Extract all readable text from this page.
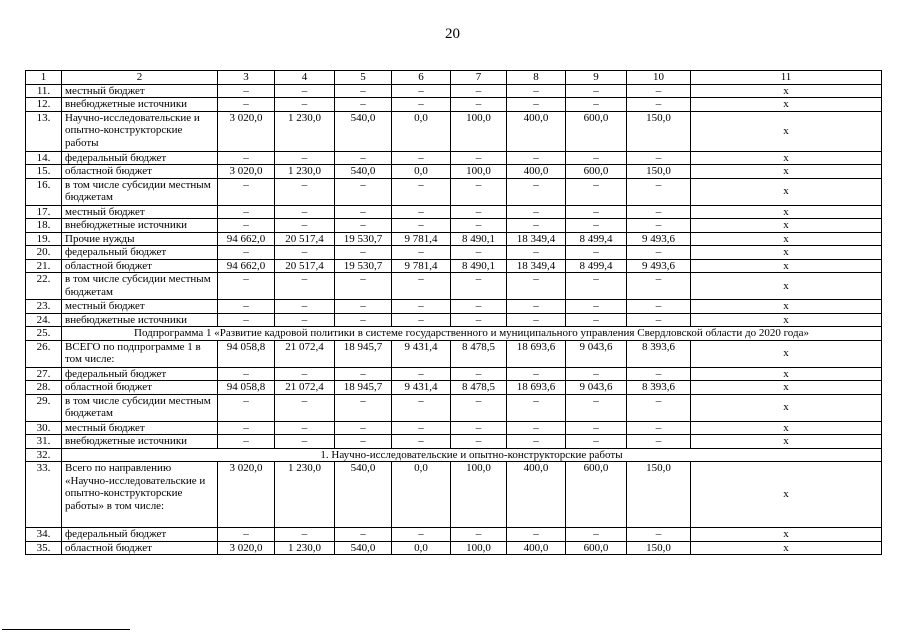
20
1	2	3	4	5	6	7	8	9	10	11
11.	местный бюджет	–	–	–	–	–	–	–	–	х
12.	внебюджетные источники	–	–	–	–	–	–	–	–	х
13.	Научно-исследовательские и опытно-конструкторские работы	3 020,0	1 230,0	540,0	0,0	100,0	400,0	600,0	150,0	х
14.	федеральный бюджет	–	–	–	–	–	–	–	–	х
15.	областной бюджет	3 020,0	1 230,0	540,0	0,0	100,0	400,0	600,0	150,0	х
16.	в том числе субсидии местным бюджетам	–	–	–	–	–	–	–	–	х
17.	местный бюджет	–	–	–	–	–	–	–	–	х
18.	внебюджетные источники	–	–	–	–	–	–	–	–	х
19.	Прочие нужды	94 662,0	20 517,4	19 530,7	9 781,4	8 490,1	18 349,4	8 499,4	9 493,6	х
20.	федеральный бюджет	–	–	–	–	–	–	–	–	х
21.	областной бюджет	94 662,0	20 517,4	19 530,7	9 781,4	8 490,1	18 349,4	8 499,4	9 493,6	х
22.	в том числе субсидии местным бюджетам	–	–	–	–	–	–	–	–	х
23.	местный бюджет	–	–	–	–	–	–	–	–	х
24.	внебюджетные источники	–	–	–	–	–	–	–	–	х
25.	Подпрограмма 1 «Развитие кадровой политики в системе государственного и муниципального управления Свердловской области до 2020 года»									
26.	ВСЕГО по подпрограмме 1 в том числе:	94 058,8	21 072,4	18 945,7	9 431,4	8 478,5	18 693,6	9 043,6	8 393,6	х
27.	федеральный бюджет	–	–	–	–	–	–	–	–	х
28.	областной бюджет	94 058,8	21 072,4	18 945,7	9 431,4	8 478,5	18 693,6	9 043,6	8 393,6	х
29.	в том числе субсидии местным бюджетам	–	–	–	–	–	–	–	–	х
30.	местный бюджет	–	–	–	–	–	–	–	–	х
31.	внебюджетные источники	–	–	–	–	–	–	–	–	х
32.	1. Научно-исследовательские и опытно-конструкторские работы									
33.	Всего по направлению «Научно-исследовательские и опытно-конструкторские работы» в том числе:	3 020,0	1 230,0	540,0	0,0	100,0	400,0	600,0	150,0	х
34.	федеральный бюджет	–	–	–	–	–	–	–	–	х
35.	областной бюджет	3 020,0	1 230,0	540,0	0,0	100,0	400,0	600,0	150,0	х
